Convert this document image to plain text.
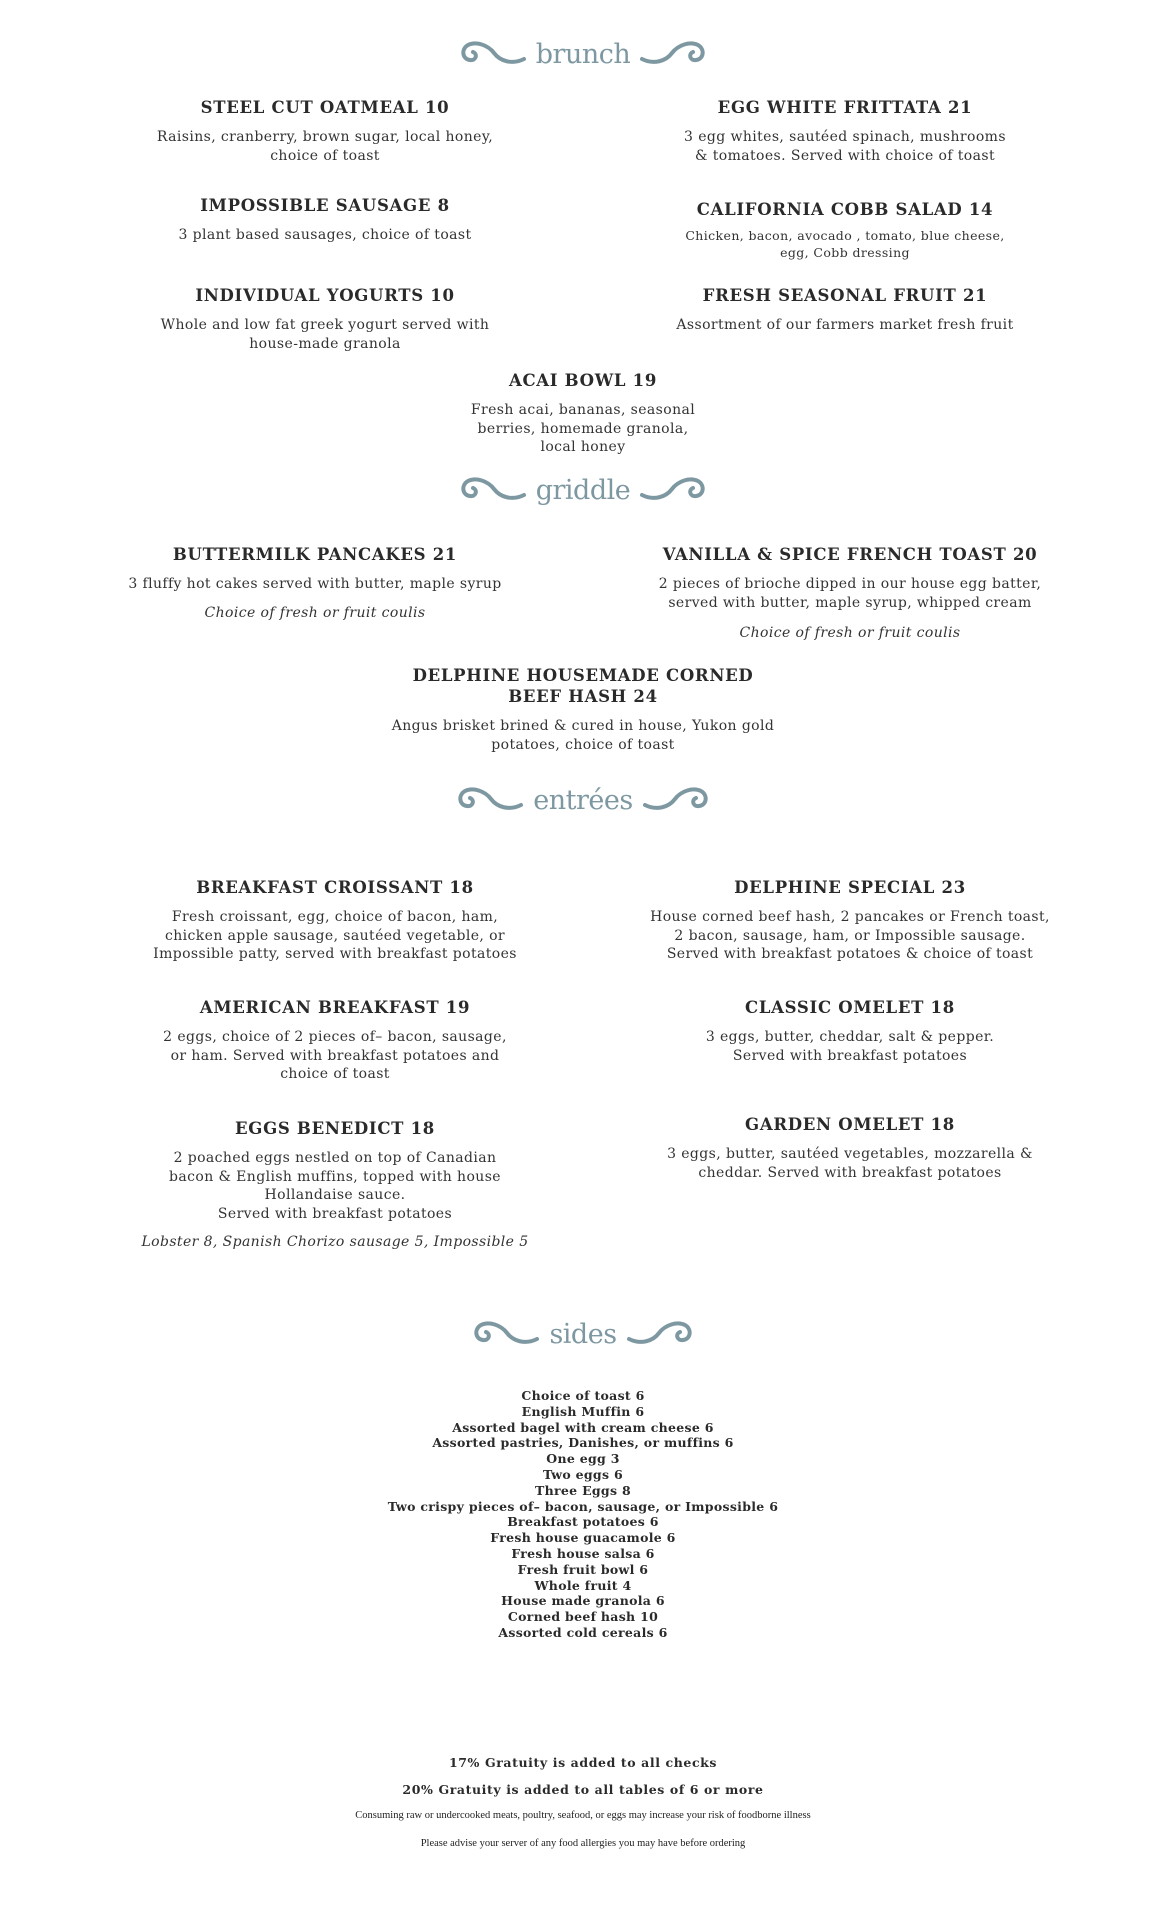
brunch
STEEL CUT OATMEAL 10

Raisins, cranberry, brown sugar, local honey,
choice of toast

EGG WHITE FRITTATA 21

3 egg whites, sautéed spinach, mushrooms
& tomatoes. Served with choice of toast

IMPOSSIBLE SAUSAGE 8

3 plant based sausages, choice of toast

CALIFORNIA COBB SALAD 14

Chicken, bacon, avocado , tomato, blue cheese,
egg, Cobb dressing

INDIVIDUAL YOGURTS 10

Whole and low fat greek yogurt served with
house-made granola

FRESH SEASONAL FRUIT 21

Assortment of our farmers market fresh fruit

ACAI BOWL 19

Fresh acai, bananas, seasonal
berries, homemade granola,
local honey

griddle
BUTTERMILK PANCAKES 21

3 fluffy hot cakes served with butter, maple syrup

Choice of fresh or fruit coulis

VANILLA & SPICE FRENCH TOAST 20

2 pieces of brioche dipped in our house egg batter,
served with butter, maple syrup, whipped cream

Choice of fresh or fruit coulis

DELPHINE HOUSEMADE CORNED
BEEF HASH 24

Angus brisket brined & cured in house, Yukon gold
potatoes, choice of toast

entrées
BREAKFAST CROISSANT 18

Fresh croissant, egg, choice of bacon, ham,
chicken apple sausage, sautéed vegetable, or
Impossible patty, served with breakfast potatoes

DELPHINE SPECIAL 23

House corned beef hash, 2 pancakes or French toast,
2 bacon, sausage, ham, or Impossible sausage.
Served with breakfast potatoes & choice of toast

AMERICAN BREAKFAST 19

2 eggs, choice of 2 pieces of– bacon, sausage,
or ham. Served with breakfast potatoes and
choice of toast

CLASSIC OMELET 18

3 eggs, butter, cheddar, salt & pepper.
Served with breakfast potatoes

EGGS BENEDICT 18

2 poached eggs nestled on top of Canadian
bacon & English muffins, topped with house
Hollandaise sauce.
Served with breakfast potatoes

Lobster 8, Spanish Chorizo sausage 5, Impossible 5

GARDEN OMELET 18

3 eggs, butter, sautéed vegetables, mozzarella &
cheddar. Served with breakfast potatoes

sides
Choice of toast 6
English Muffin 6
Assorted bagel with cream cheese 6
Assorted pastries, Danishes, or muffins 6
One egg 3
Two eggs 6
Three Eggs 8
Two crispy pieces of– bacon, sausage, or Impossible 6
Breakfast potatoes 6
Fresh house guacamole 6
Fresh house salsa 6
Fresh fruit bowl 6
Whole fruit 4
House made granola 6
Corned beef hash 10
Assorted cold cereals 6
17% Gratuity is added to all checks
20% Gratuity is added to all tables of 6 or more
Consuming raw or undercooked meats, poultry, seafood, or eggs may increase your risk of foodborne illness
Please advise your server of any food allergies you may have before ordering
